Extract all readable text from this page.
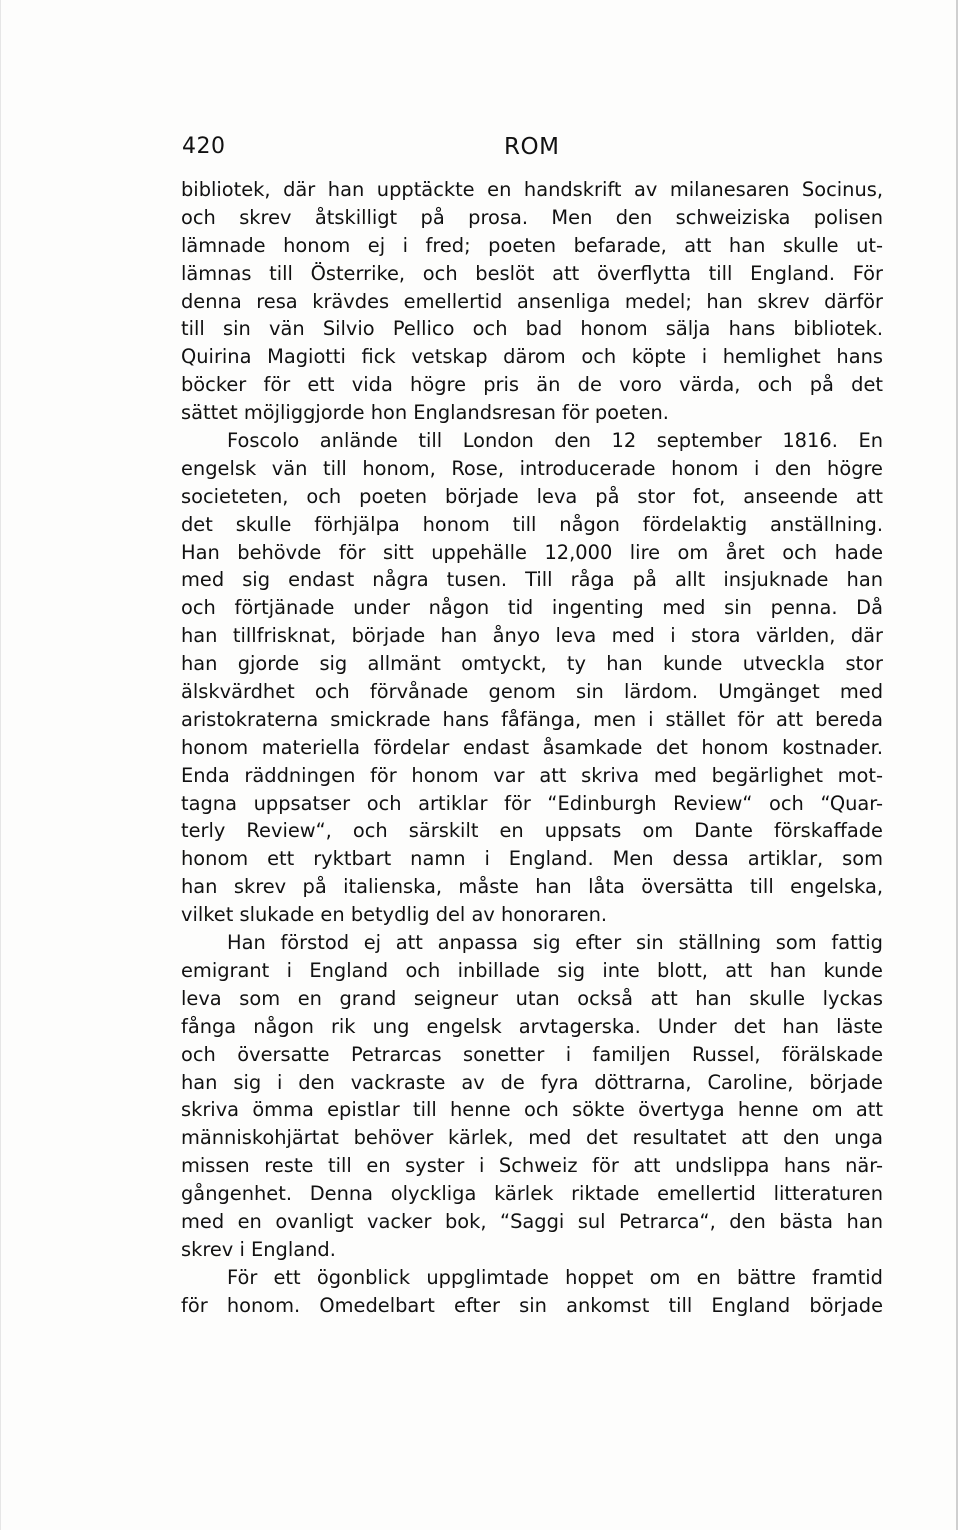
420	ROM
bibliotek, där han upptäckte en handskrift av milanesaren Socinus,
och skrev åtskilligt på prosa. Men den schweiziska polisen
lämnade honom ej i fred; poeten befarade, att han skulle ut-
lämnas till Österrike, och beslöt att överflytta till England. För
denna resa krävdes emellertid ansenliga medel; han skrev därför
till sin vän Silvio Pellico och bad honom sälja hans bibliotek.
Quirina Magiotti fick vetskap därom och köpte i hemlighet hans
böcker för ett vida högre pris än de voro värda, och på det
sättet möjliggjorde hon Englandsresan för poeten.
Foscolo anlände till London den 12 september 1816. En
engelsk vän till honom, Rose, introducerade honom i den högre
societeten, och poeten började leva på stor fot, anseende att
det skulle förhjälpa honom till någon fördelaktig anställning.
Han behövde för sitt uppehälle 12,000 lire om året och hade
med sig endast några tusen. Till råga på allt insjuknade han
och förtjänade under någon tid ingenting med sin penna. Då
han tillfrisknat, började han ånyo leva med i stora världen, där
han gjorde sig allmänt omtyckt, ty han kunde utveckla stor
älskvärdhet och förvånade genom sin lärdom. Umgänget med
aristokraterna smickrade hans fåfänga, men i stället för att bereda
honom materiella fördelar endast åsamkade det honom kostnader.
Enda räddningen för honom var att skriva med begärlighet mot-
tagna uppsatser och artiklar för “Edinburgh Review“ och “Quar-
terly Review“, och särskilt en uppsats om Dante förskaffade
honom ett ryktbart namn i England. Men dessa artiklar, som
han skrev på italienska, måste han låta översätta till engelska,
vilket slukade en betydlig del av honoraren.
Han förstod ej att anpassa sig efter sin ställning som fattig
emigrant i England och inbillade sig inte blott, att han kunde
leva som en grand seigneur utan också att han skulle lyckas
fånga någon rik ung engelsk arvtagerska. Under det han läste
och översatte Petrarcas sonetter i familjen Russel, förälskade
han sig i den vackraste av de fyra döttrarna, Caroline, började
skriva ömma epistlar till henne och sökte övertyga henne om att
människohjärtat behöver kärlek, med det resultatet att den unga
missen reste till en syster i Schweiz för att undslippa hans när-
gångenhet. Denna olyckliga kärlek riktade emellertid litteraturen
med en ovanligt vacker bok, “Saggi sul Petrarca“, den bästa han
skrev i England.
För ett ögonblick uppglimtade hoppet om en bättre framtid
för honom. Omedelbart efter sin ankomst till England började
